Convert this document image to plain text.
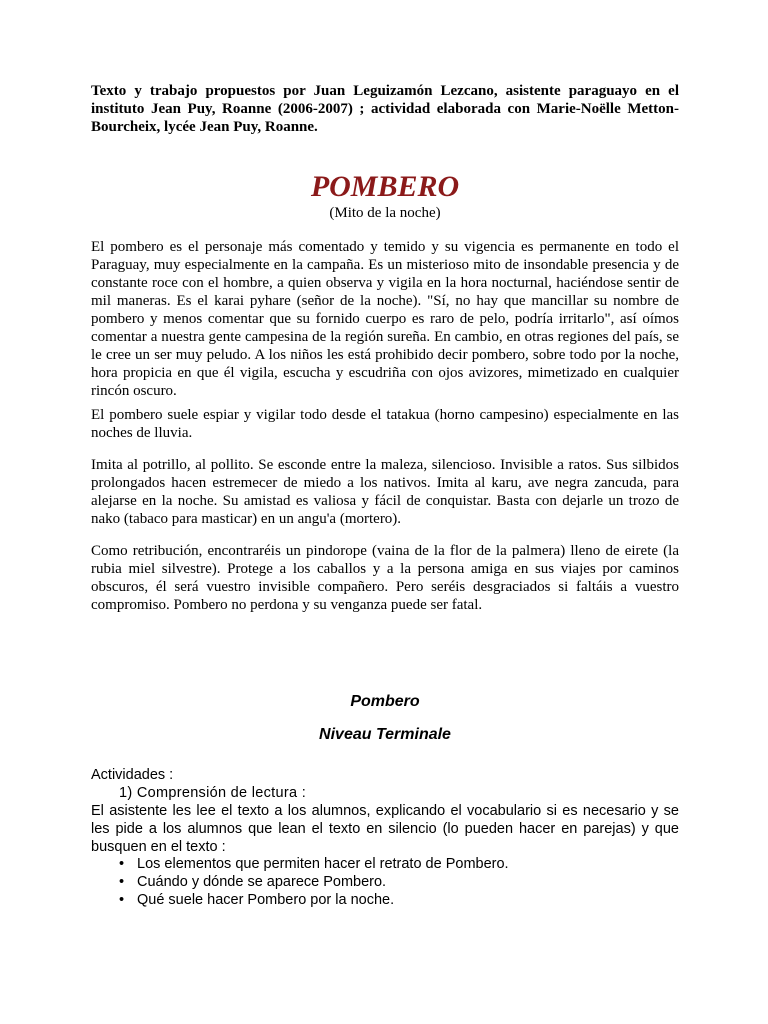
Texto y trabajo propuestos por Juan Leguizamón Lezcano, asistente paraguayo en el instituto Jean Puy, Roanne (2006-2007) ; actividad elaborada con Marie-Noëlle Metton-Bourcheix, lycée Jean Puy, Roanne.

POMBERO

(Mito de la noche)

El pombero es el personaje más comentado y temido y su vigencia es permanente en todo el Paraguay, muy especialmente en la campaña. Es un misterioso mito de insondable presencia y de constante roce con el hombre, a quien observa y vigila en la hora nocturnal, haciéndose sentir de mil maneras. Es el karai pyhare (señor de la noche). "Sí, no hay que mancillar su nombre de pombero y menos comentar que su fornido cuerpo es raro de pelo, podría irritarlo", así oímos comentar a nuestra gente campesina de la región sureña. En cambio, en otras regiones del país, se le cree un ser muy peludo. A los niños les está prohibido decir pombero, sobre todo por la noche, hora propicia en que él vigila, escucha y escudriña con ojos avizores, mimetizado en cualquier rincón oscuro.

El pombero suele espiar y vigilar todo desde el tatakua (horno campesino) especialmente en las noches de lluvia.

Imita al potrillo, al pollito. Se esconde entre la maleza, silencioso. Invisible a ratos. Sus silbidos prolongados hacen estremecer de miedo a los nativos. Imita al karu, ave negra zancuda, para alejarse en la noche. Su amistad es valiosa y fácil de conquistar. Basta con dejarle un trozo de nako (tabaco para masticar) en un angu'a (mortero).

Como retribución, encontraréis un pindorope (vaina de la flor de la palmera) lleno de eirete (la rubia miel silvestre). Protege a los caballos y a la persona amiga en sus viajes por caminos obscuros, él será vuestro invisible compañero. Pero seréis desgraciados si faltáis a vuestro compromiso. Pombero no perdona y su venganza puede ser fatal.

Pombero
Niveau Terminale

Actividades :

1) Comprensión de lectura :

El asistente les lee el texto a los alumnos, explicando el vocabulario si es necesario y se les pide a los alumnos que lean el texto en silencio (lo pueden hacer en parejas) y que busquen en el texto :

• Los elementos que permiten hacer el retrato de Pombero.
• Cuándo y dónde se aparece Pombero.
• Qué suele hacer Pombero por la noche.
